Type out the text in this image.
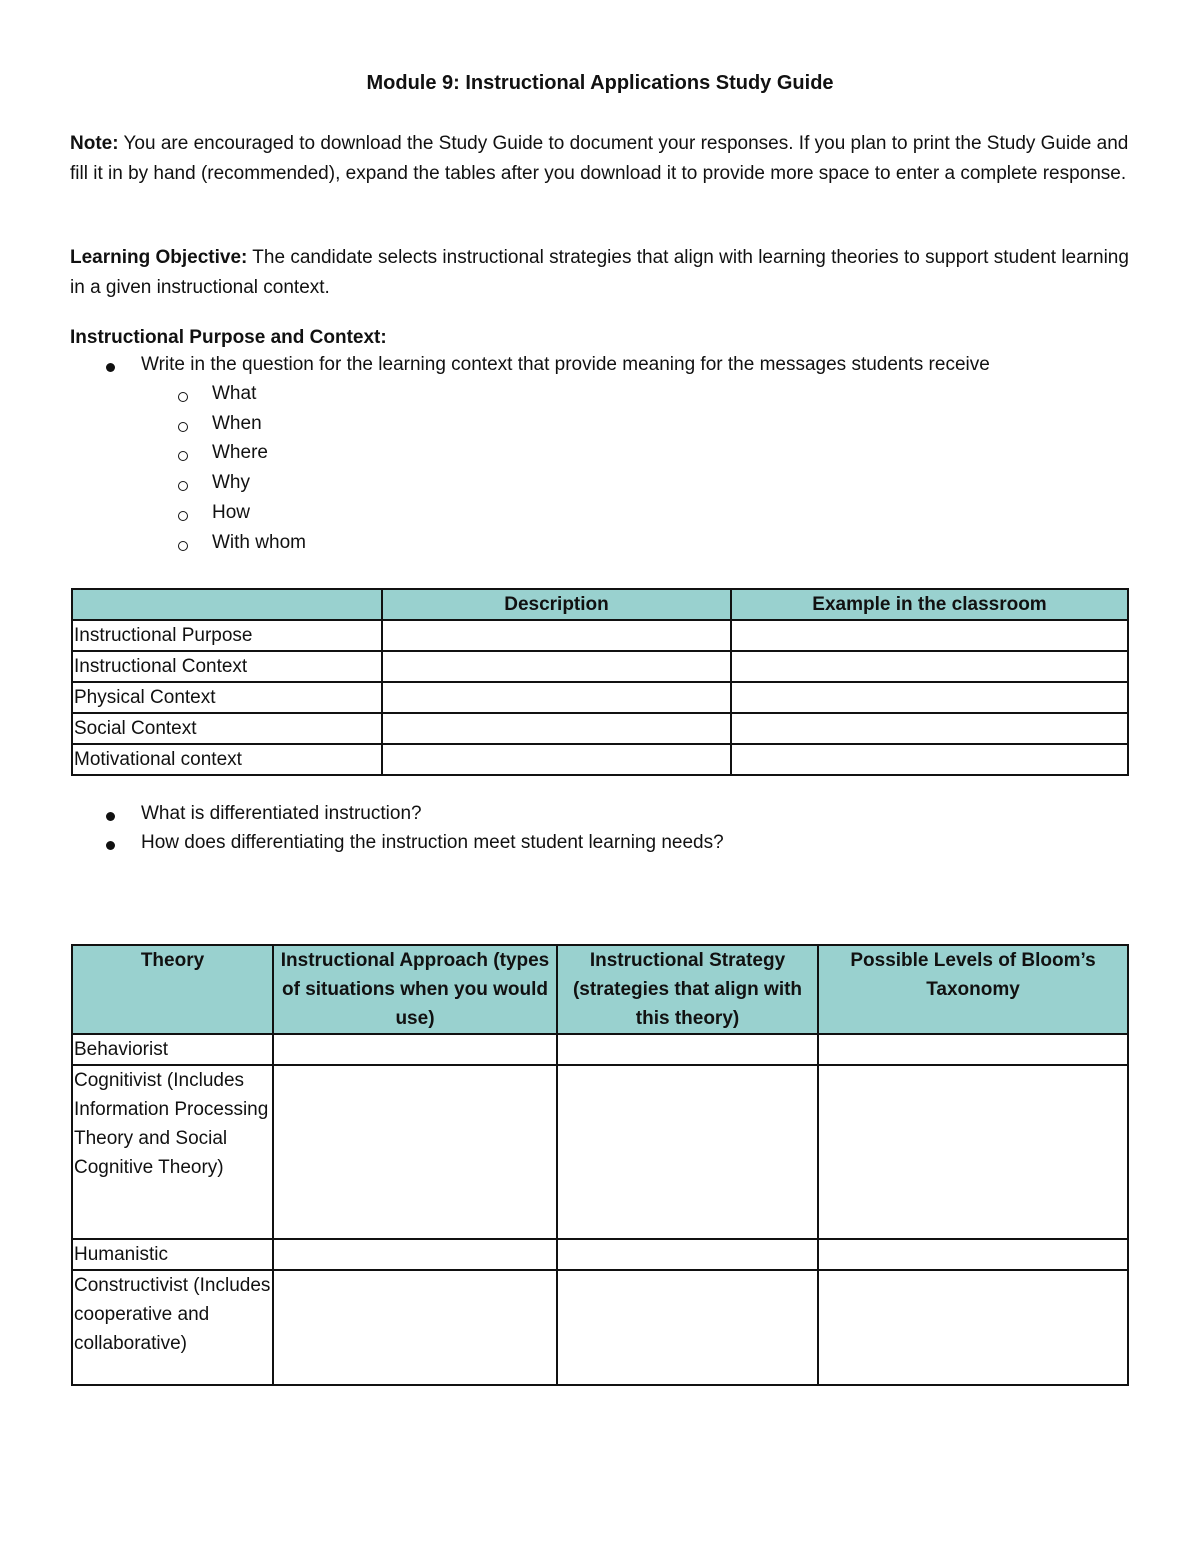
Module 9: Instructional Applications Study Guide
Note: You are encouraged to download the Study Guide to document your responses. If you plan to print the Study Guide and fill it in by hand (recommended), expand the tables after you download it to provide more space to enter a complete response.
Learning Objective: The candidate selects instructional strategies that align with learning theories to support student learning in a given instructional context.
Instructional Purpose and Context:
Write in the question for the learning context that provide meaning for the messages students receive
What
When
Where
Why
How
With whom
	Description	Example in the classroom
Instructional Purpose		
Instructional Context		
Physical Context		
Social Context		
Motivational context		
What is differentiated instruction?
How does differentiating the instruction meet student learning needs?
Theory	Instructional Approach (types of situations when you would use)	Instructional Strategy (strategies that align with this theory)	Possible Levels of Bloom’s Taxonomy
Behaviorist			
Cognitivist (Includes Information Processing Theory and Social Cognitive Theory)			
Humanistic			
Constructivist (Includes cooperative and collaborative)			
